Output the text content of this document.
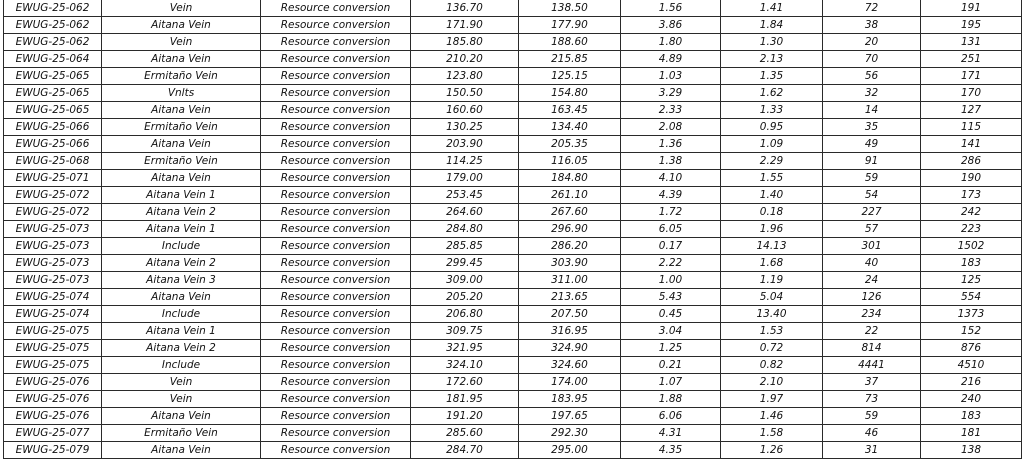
EWUG-25-062	Vein	Resource conversion	136.70	138.50	1.56	1.41	72	191
EWUG-25-062	Aitana Vein	Resource conversion	171.90	177.90	3.86	1.84	38	195
EWUG-25-062	Vein	Resource conversion	185.80	188.60	1.80	1.30	20	131
EWUG-25-064	Aitana Vein	Resource conversion	210.20	215.85	4.89	2.13	70	251
EWUG-25-065	Ermitaño Vein	Resource conversion	123.80	125.15	1.03	1.35	56	171
EWUG-25-065	Vnlts	Resource conversion	150.50	154.80	3.29	1.62	32	170
EWUG-25-065	Aitana Vein	Resource conversion	160.60	163.45	2.33	1.33	14	127
EWUG-25-066	Ermitaño Vein	Resource conversion	130.25	134.40	2.08	0.95	35	115
EWUG-25-066	Aitana Vein	Resource conversion	203.90	205.35	1.36	1.09	49	141
EWUG-25-068	Ermitaño Vein	Resource conversion	114.25	116.05	1.38	2.29	91	286
EWUG-25-071	Aitana Vein	Resource conversion	179.00	184.80	4.10	1.55	59	190
EWUG-25-072	Aitana Vein 1	Resource conversion	253.45	261.10	4.39	1.40	54	173
EWUG-25-072	Aitana Vein 2	Resource conversion	264.60	267.60	1.72	0.18	227	242
EWUG-25-073	Aitana Vein 1	Resource conversion	284.80	296.90	6.05	1.96	57	223
EWUG-25-073	Include	Resource conversion	285.85	286.20	0.17	14.13	301	1502
EWUG-25-073	Aitana Vein 2	Resource conversion	299.45	303.90	2.22	1.68	40	183
EWUG-25-073	Aitana Vein 3	Resource conversion	309.00	311.00	1.00	1.19	24	125
EWUG-25-074	Aitana Vein	Resource conversion	205.20	213.65	5.43	5.04	126	554
EWUG-25-074	Include	Resource conversion	206.80	207.50	0.45	13.40	234	1373
EWUG-25-075	Aitana Vein 1	Resource conversion	309.75	316.95	3.04	1.53	22	152
EWUG-25-075	Aitana Vein 2	Resource conversion	321.95	324.90	1.25	0.72	814	876
EWUG-25-075	Include	Resource conversion	324.10	324.60	0.21	0.82	4441	4510
EWUG-25-076	Vein	Resource conversion	172.60	174.00	1.07	2.10	37	216
EWUG-25-076	Vein	Resource conversion	181.95	183.95	1.88	1.97	73	240
EWUG-25-076	Aitana Vein	Resource conversion	191.20	197.65	6.06	1.46	59	183
EWUG-25-077	Ermitaño Vein	Resource conversion	285.60	292.30	4.31	1.58	46	181
EWUG-25-079	Aitana Vein	Resource conversion	284.70	295.00	4.35	1.26	31	138
